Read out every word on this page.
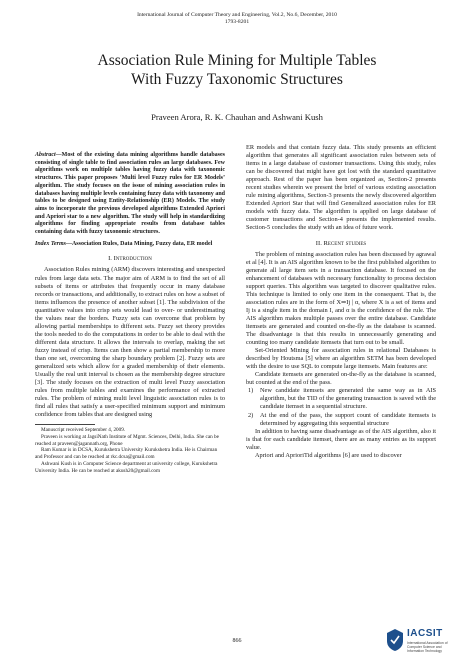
International Journal of Computer Theory and Engineering, Vol.2, No.6, December, 2010
1793-8201
Association Rule Mining for Multiple Tables
With Fuzzy Taxonomic Structures
Praveen Arora, R. K. Chauhan and Ashwani Kush

Abstract—Most of the existing data mining algorithms handle databases consisting of single table to find association rules an large databases. Few algorithms work on multiple tables having fuzzy data with taxonomic structures. This paper proposes ‘Multi level Fuzzy rules for ER Models’ algorithm. The study focuses on the issue of mining association rules in databases having multiple levels containing fuzzy data with taxonomy and tables to be designed using Entity-Relationship (ER) Models. The study aims to incorporate the previous developed algorithms Extended Apriori and Apriori star to a new algorithm. The study will help in standardizing algorithms for finding appropriate results from database tables containing data with fuzzy taxonomic structures.

Index Terms—Association Rules, Data Mining, Fuzzy data, ER model

I. Introduction

Association Rules mining (ARM) discovers interesting and unexpected rules from large data sets. The major aim of ARM is to find the set of all subsets of items or attributes that frequently occur in many database records or transactions, and additionally, to extract rules on how a subset of items influences the presence of another subset [1]. The subdivision of the quantitative values into crisp sets would lead to over- or underestimating the values near the borders. Fuzzy sets can overcome that problem by allowing partial memberships to different sets. Fuzzy set theory provides the tools needed to do the computations in order to be able to deal with the different data structure. It allows the intervals to overlap, making the set fuzzy instead of crisp. Items can then show a partial membership to more than one set, overcoming the sharp boundary problem [2]. Fuzzy sets are generalized sets which allow for a graded membership of their elements. Usually the real unit interval is chosen as the membership degree structure [3]. The study focuses on the extraction of multi level Fuzzy association rules from multiple tables and examines the performance of extracted rules. The problem of mining multi level linguistic association rules is to find all rules that satisfy a user-specified minimum support and minimum confidence from tables that are designed using

Manuscript received September 4, 2009.
Praveen is working at JagsiNath Institute of Mgmt. Sciences, Delhi, India. She can be reached at praveen@jagannath.org, Phone
Ram Kumar is in DCSA, Kurukshetra University Kurukshetra India. He is Chairman and Professor and can be reached at rkc.dcsa@gmail.com
Ashwani Kush is in Computer Science department at university college, Kurukshetra University India. He can be reached at akush20@gmail.com

ER models and that contain fuzzy data. This study presents an efficient algorithm that generates all significant association rules between sets of items in a large database of customer transactions. Using this study, rules can be discovered that might have got lost with the standard quantitative approach. Rest of the paper has been organized as, Section-2 presents recent studies wherein we present the brief of various existing association rule mining algorithms, Section-3 presents the newly discovered algorithm Extended Apriori Star that will find Generalized association rules for ER models with fuzzy data. The algorithm is applied on large database of customer transactions and Section-4 presents the implemented results. Section-5 concludes the study with an idea of future work.

II. Recent studies

The problem of mining association rules has been discussed by agrawal et al [4]. It is an AIS algorithm known to be the first published algorithm to generate all large item sets in a transaction database. It focused on the enhancement of databases with necessary functionality to process decision support queries. This algorithm was targeted to discover qualitative rules. This technique is limited to only one item in the consequent. That is, the association rules are in the form of X⇒Ij | α, where X is a set of items and Ij is a single item in the domain I, and α is the confidence of the rule. The AIS algorithm makes multiple passes over the entire database. Candidate itemsets are generated and counted on-the-fly as the database is scanned. The disadvantage is that this results in unnecessarily generating and counting too many candidate itemsets that turn out to be small.

Set-Oriented Mining for association rules in relational Databases is described by Houtsma [5] where an algorithm SETM has been developed with the desire to use SQL to compute large itemsets. Main features are:

Candidate itemsets are generated on-the-fly as the database is scanned, but counted at the end of the pass.

1) New candidate itemsets are generated the same way as in AIS algorithm, but the TID of the generating transaction is saved with the candidate itemset in a sequential structure.
2) At the end of the pass, the support count of candidate itemsets is determined by aggregating this sequential structure

In addition to having same disadvantage as of the AIS algorithm, also it is that for each candidate itemset, there are as many entries as its support value.

Apriori and AprioriTid algorithms [6] are used to discover

866
IACSIT
International Association of Computer Science and Information Technology
